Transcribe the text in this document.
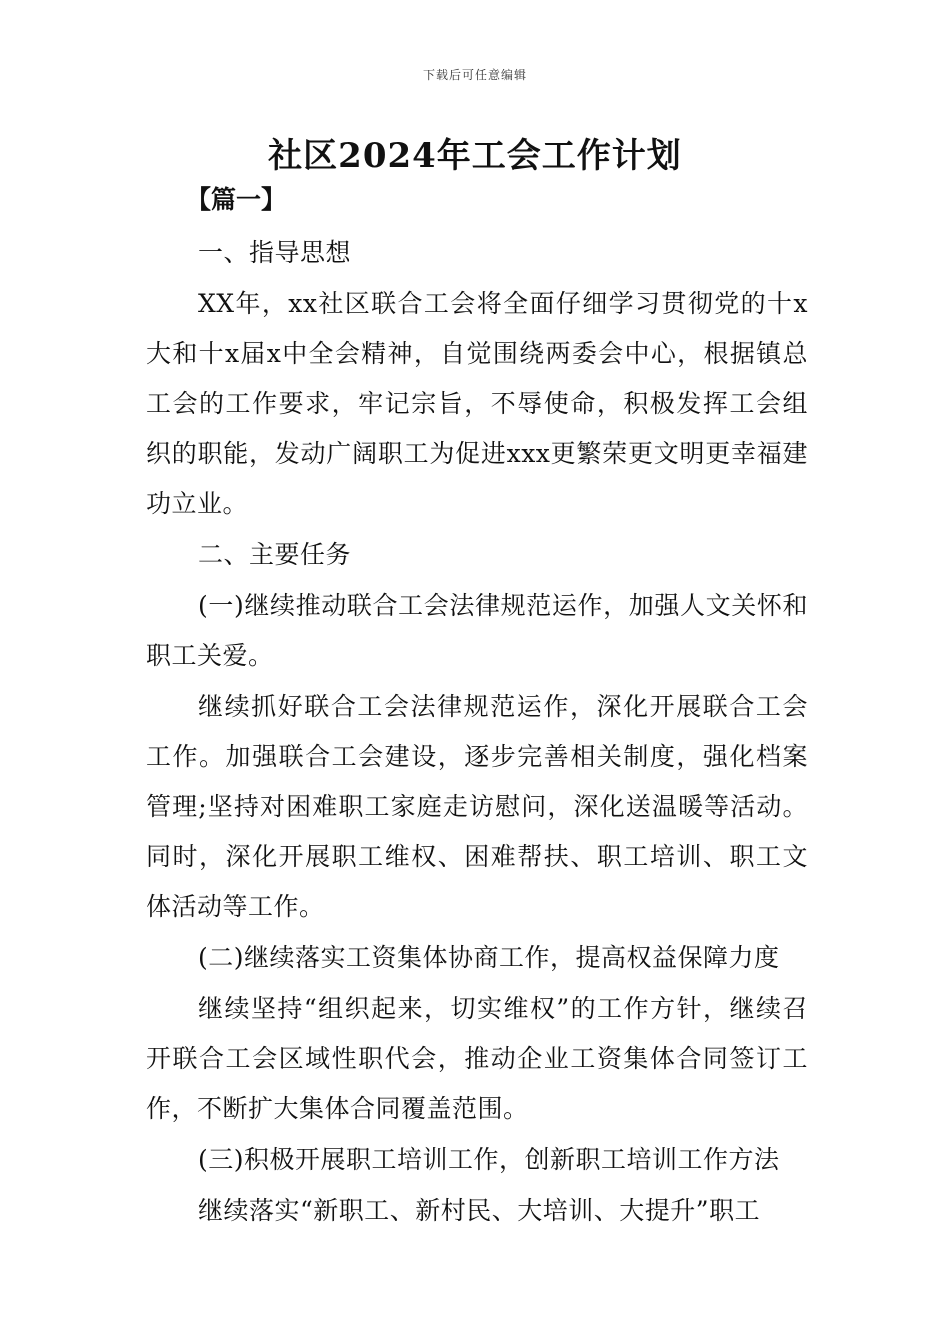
下载后可任意编辑
社区2024年工会工作计划
【篇一】

一、指导思想

XX年，xx社区联合工会将全面仔细学习贯彻党的十x大和十x届x中全会精神，自觉围绕两委会中心，根据镇总工会的工作要求，牢记宗旨，不辱使命，积极发挥工会组织的职能，发动广阔职工为促进xxx更繁荣更文明更幸福建功立业。

二、主要任务

(一)继续推动联合工会法律规范运作，加强人文关怀和职工关爱。

继续抓好联合工会法律规范运作，深化开展联合工会工作。加强联合工会建设，逐步完善相关制度，强化档案管理;坚持对困难职工家庭走访慰问，深化送温暖等活动。同时，深化开展职工维权、困难帮扶、职工培训、职工文体活动等工作。

(二)继续落实工资集体协商工作，提高权益保障力度

继续坚持“组织起来，切实维权”的工作方针，继续召开联合工会区域性职代会，推动企业工资集体合同签订工作，不断扩大集体合同覆盖范围。

(三)积极开展职工培训工作，创新职工培训工作方法

继续落实“新职工、新村民、大培训、大提升”职工
